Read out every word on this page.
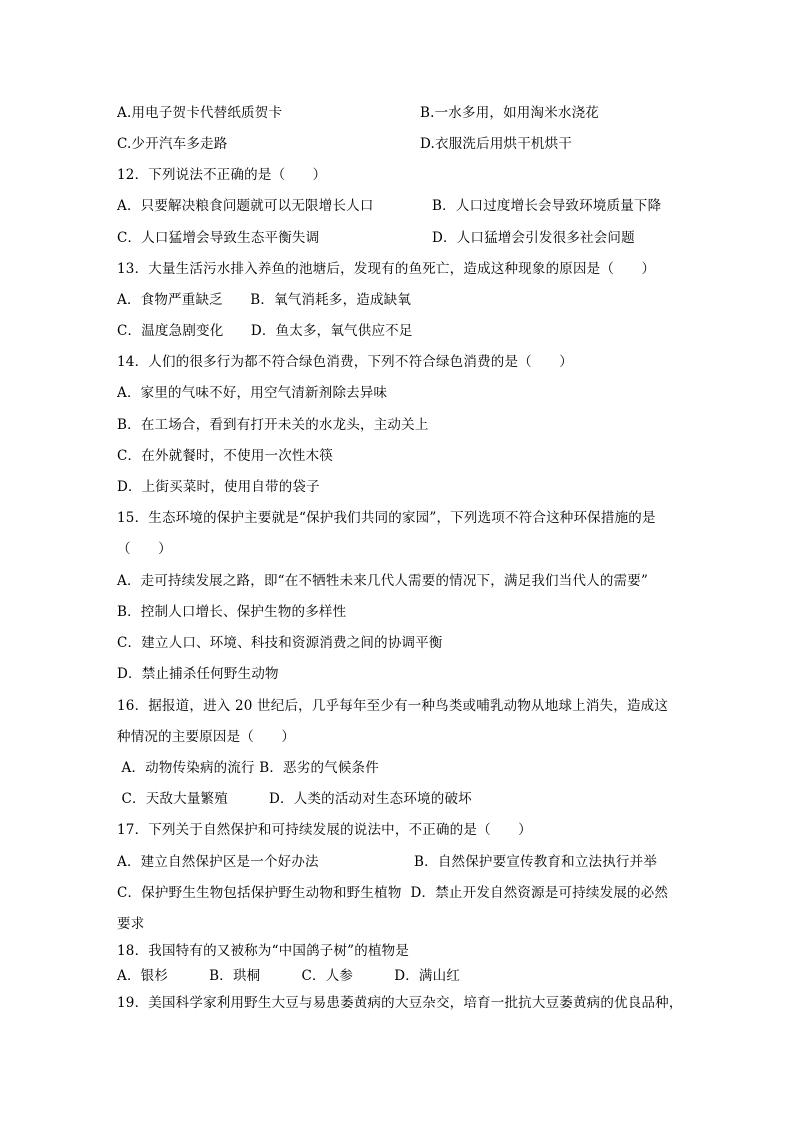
A.用电子贺卡代替纸质贺卡	B.一水多用，如用淘米水浇花
C.少开汽车多走路	D.衣服洗后用烘干机烘干
12．下列说法不正确的是（　　）
A．只要解决粮食问题就可以无限增长人口	B．人口过度增长会导致环境质量下降
C．人口猛增会导致生态平衡失调	D．人口猛增会引发很多社会问题
13．大量生活污水排入养鱼的池塘后，发现有的鱼死亡，造成这种现象的原因是（　　）
A．食物严重缺乏　　B．氧气消耗多，造成缺氧
C．温度急剧变化　　D．鱼太多，氧气供应不足
14．人们的很多行为都不符合绿色消费，下列不符合绿色消费的是（　　）
A．家里的气味不好，用空气清新剂除去异味
B．在工场合，看到有打开未关的水龙头，主动关上
C．在外就餐时，不使用一次性木筷
D．上街买菜时，使用自带的袋子
15．生态环境的保护主要就是“保护我们共同的家园”，下列选项不符合这种环保措施的是
（　　）
A．走可持续发展之路，即“在不牺牲未来几代人需要的情况下，满足我们当代人的需要”
B．控制人口增长、保护生物的多样性
C．建立人口、环境、科技和资源消费之间的协调平衡
D．禁止捕杀任何野生动物
16．据报道，进入 20 世纪后，几乎每年至少有一种鸟类或哺乳动物从地球上消失，造成这
种情况的主要原因是（　　）
A．动物传染病的流行 B．恶劣的气候条件
C．天敌大量繁殖　　　D．人类的活动对生态环境的破坏
17．下列关于自然保护和可持续发展的说法中，不正确的是（　　）
A．建立自然保护区是一个好办法	B．自然保护要宣传教育和立法执行并举
C．保护野生生物包括保护野生动物和野生植物  D．禁止开发自然资源是可持续发展的必然
要求
18．我国特有的又被称为“中国鸽子树”的植物是
A．银杉　　　B．珙桐　　　C．人参　　　D．满山红
19．美国科学家利用野生大豆与易患萎黄病的大豆杂交，培育一批抗大豆萎黄病的优良品种，
